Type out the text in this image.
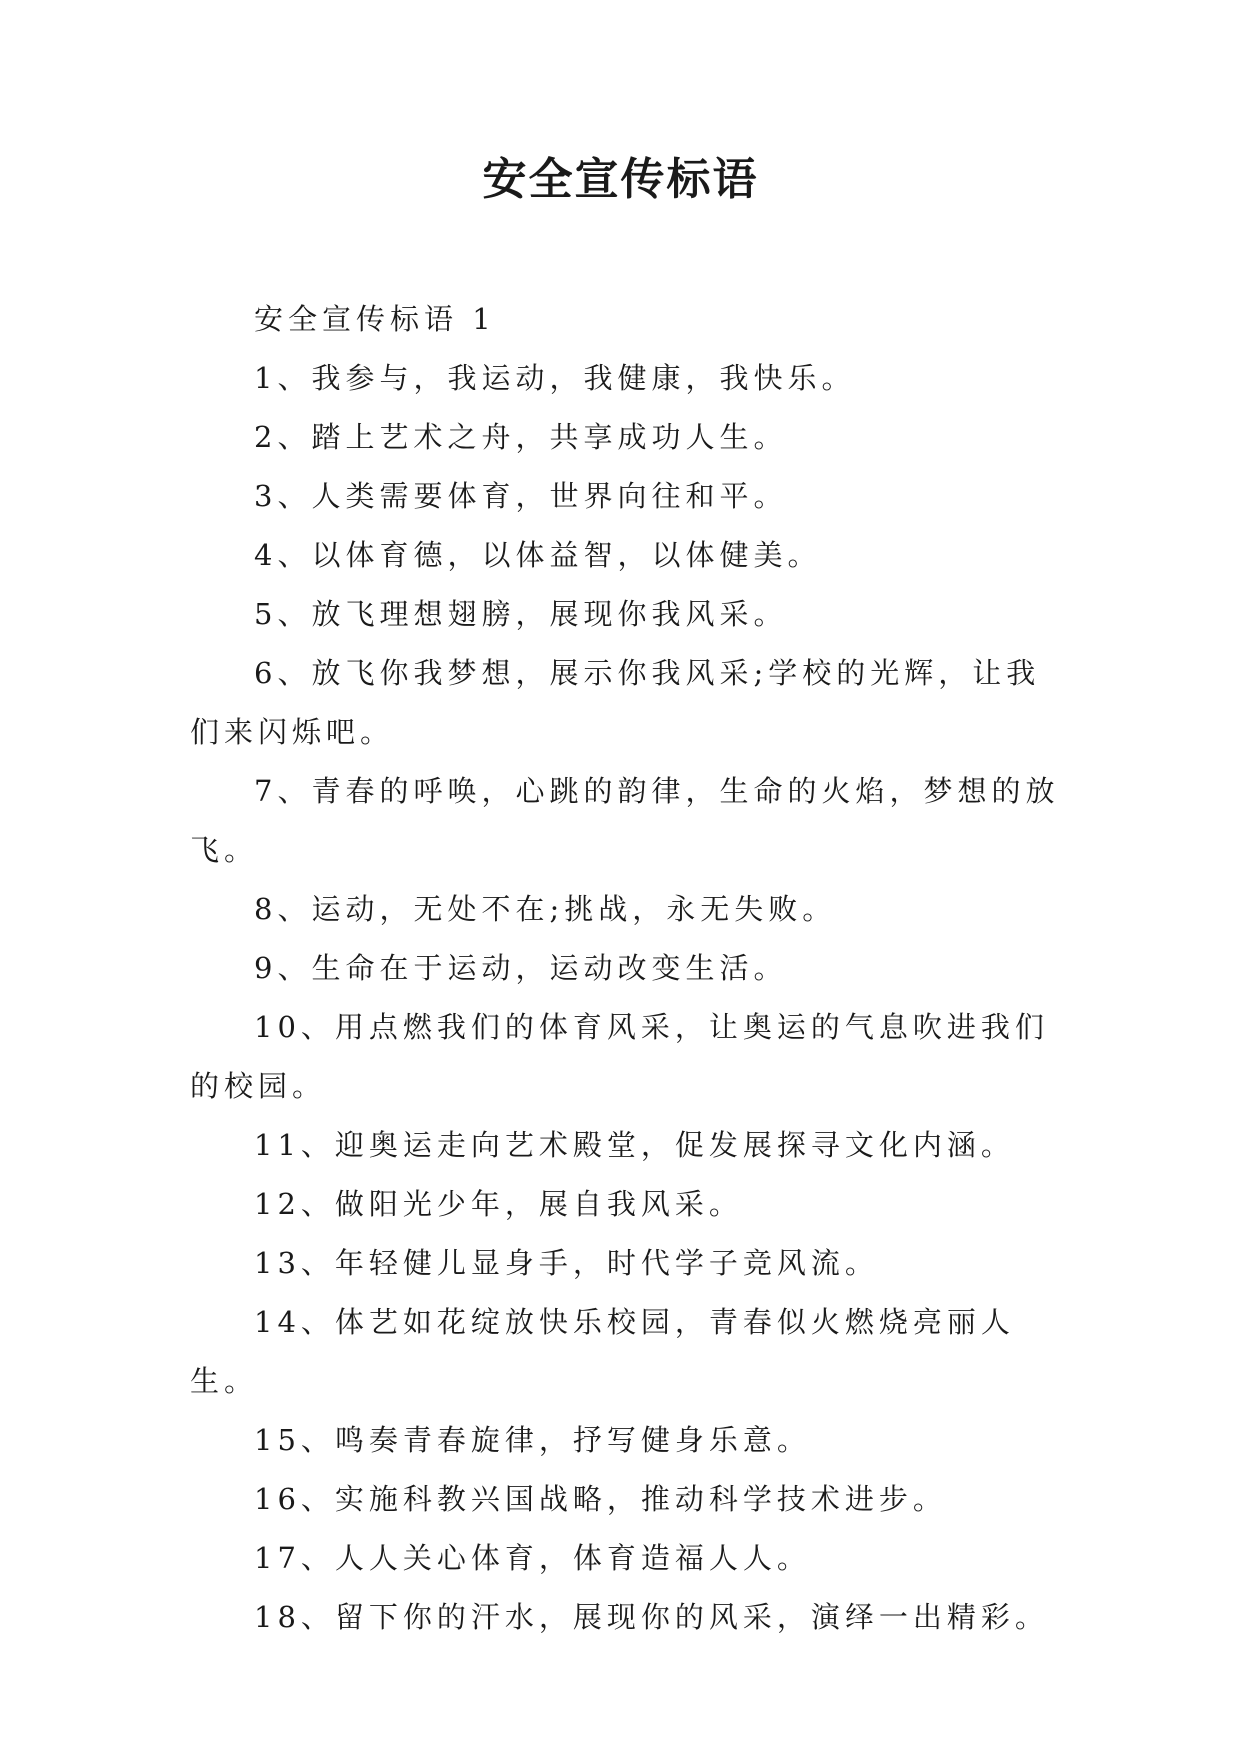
安全宣传标语

安全宣传标语 1

1、我参与，我运动，我健康，我快乐。

2、踏上艺术之舟，共享成功人生。

3、人类需要体育，世界向往和平。

4、以体育德，以体益智，以体健美。

5、放飞理想翅膀，展现你我风采。

6、放飞你我梦想，展示你我风采;学校的光辉，让我们来闪烁吧。

7、青春的呼唤，心跳的韵律，生命的火焰，梦想的放飞。

8、运动，无处不在;挑战，永无失败。

9、生命在于运动，运动改变生活。

10、用点燃我们的体育风采，让奥运的气息吹进我们的校园。

11、迎奥运走向艺术殿堂，促发展探寻文化内涵。

12、做阳光少年，展自我风采。

13、年轻健儿显身手，时代学子竞风流。

14、体艺如花绽放快乐校园，青春似火燃烧亮丽人生。

15、鸣奏青春旋律，抒写健身乐意。

16、实施科教兴国战略，推动科学技术进步。

17、人人关心体育，体育造福人人。

18、留下你的汗水，展现你的风采，演绎一出精彩。
